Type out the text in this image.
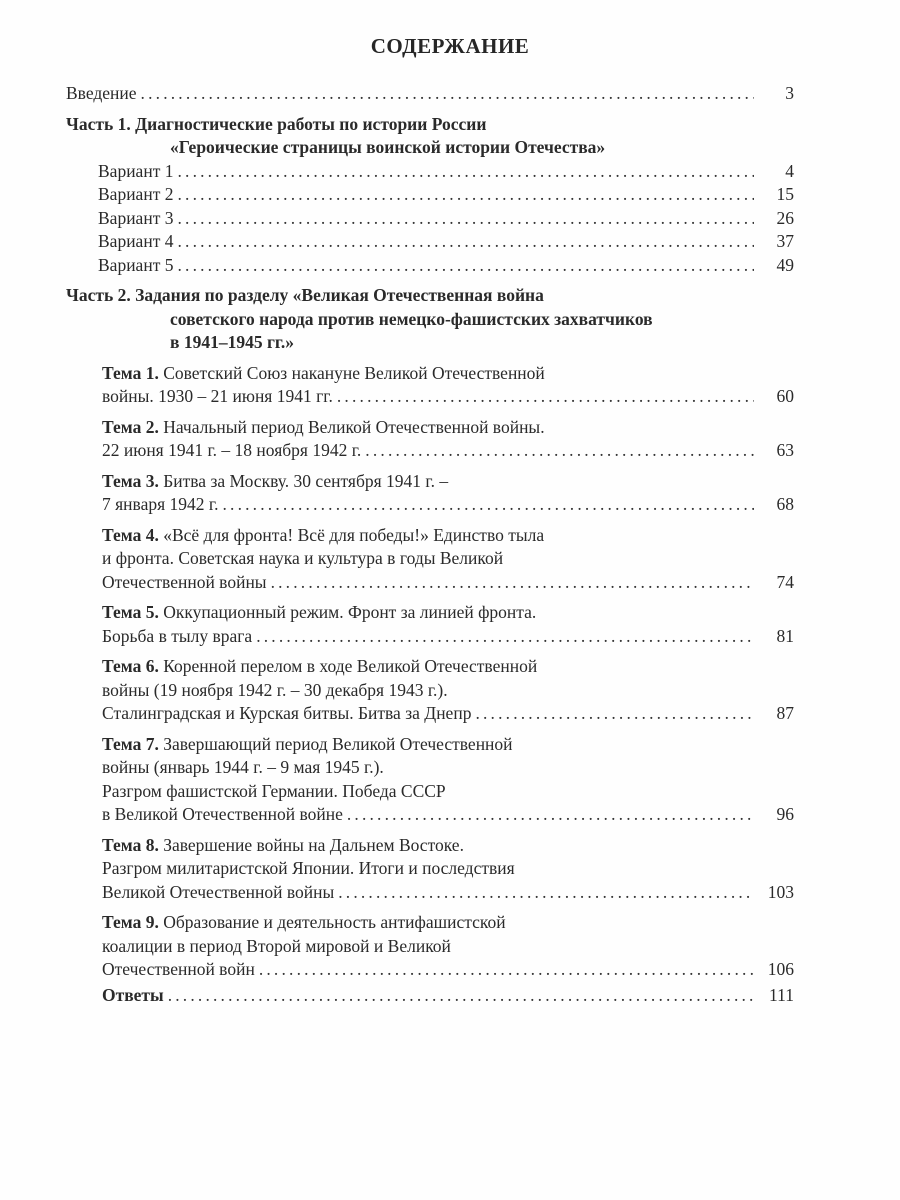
СОДЕРЖАНИЕ
Введение . . .	3
Часть 1. Диагностические работы по истории России
«Героические страницы воинской истории Отечества»
Вариант 1 . . .	4
Вариант 2 . . .	15
Вариант 3 . . .	26
Вариант 4 . . .	37
Вариант 5 . . .	49
Часть 2. Задания по разделу «Великая Отечественная война
советского народа против немецко-фашистских захватчиков
в 1941–1945 гг.»
Тема 1. Советский Союз накануне Великой Отечественной
войны. 1930 – 21 июня 1941 гг. . . .	60
Тема 2. Начальный период Великой Отечественной войны.
22 июня 1941 г. – 18 ноября 1942 г. . . .	63
Тема 3. Битва за Москву. 30 сентября 1941 г. –
7 января 1942 г. . . .	68
Тема 4. «Всё для фронта! Всё для победы!» Единство тыла
и фронта. Советская наука и культура в годы Великой
Отечественной войны . . .	74
Тема 5. Оккупационный режим. Фронт за линией фронта.
Борьба в тылу врага . . .	81
Тема 6. Коренной перелом в ходе Великой Отечественной
войны (19 ноября 1942 г. – 30 декабря 1943 г.).
Сталинградская и Курская битвы. Битва за Днепр . . .	87
Тема 7. Завершающий период Великой Отечественной
войны (январь 1944 г. – 9 мая 1945 г.).
Разгром фашистской Германии. Победа СССР
в Великой Отечественной войне . . .	96
Тема 8. Завершение войны на Дальнем Востоке.
Разгром милитаристской Японии. Итоги и последствия
Великой Отечественной войны . . .	103
Тема 9. Образование и деятельность антифашистской
коалиции в период Второй мировой и Великой
Отечественной войн . . .	106
Ответы . . .	111
